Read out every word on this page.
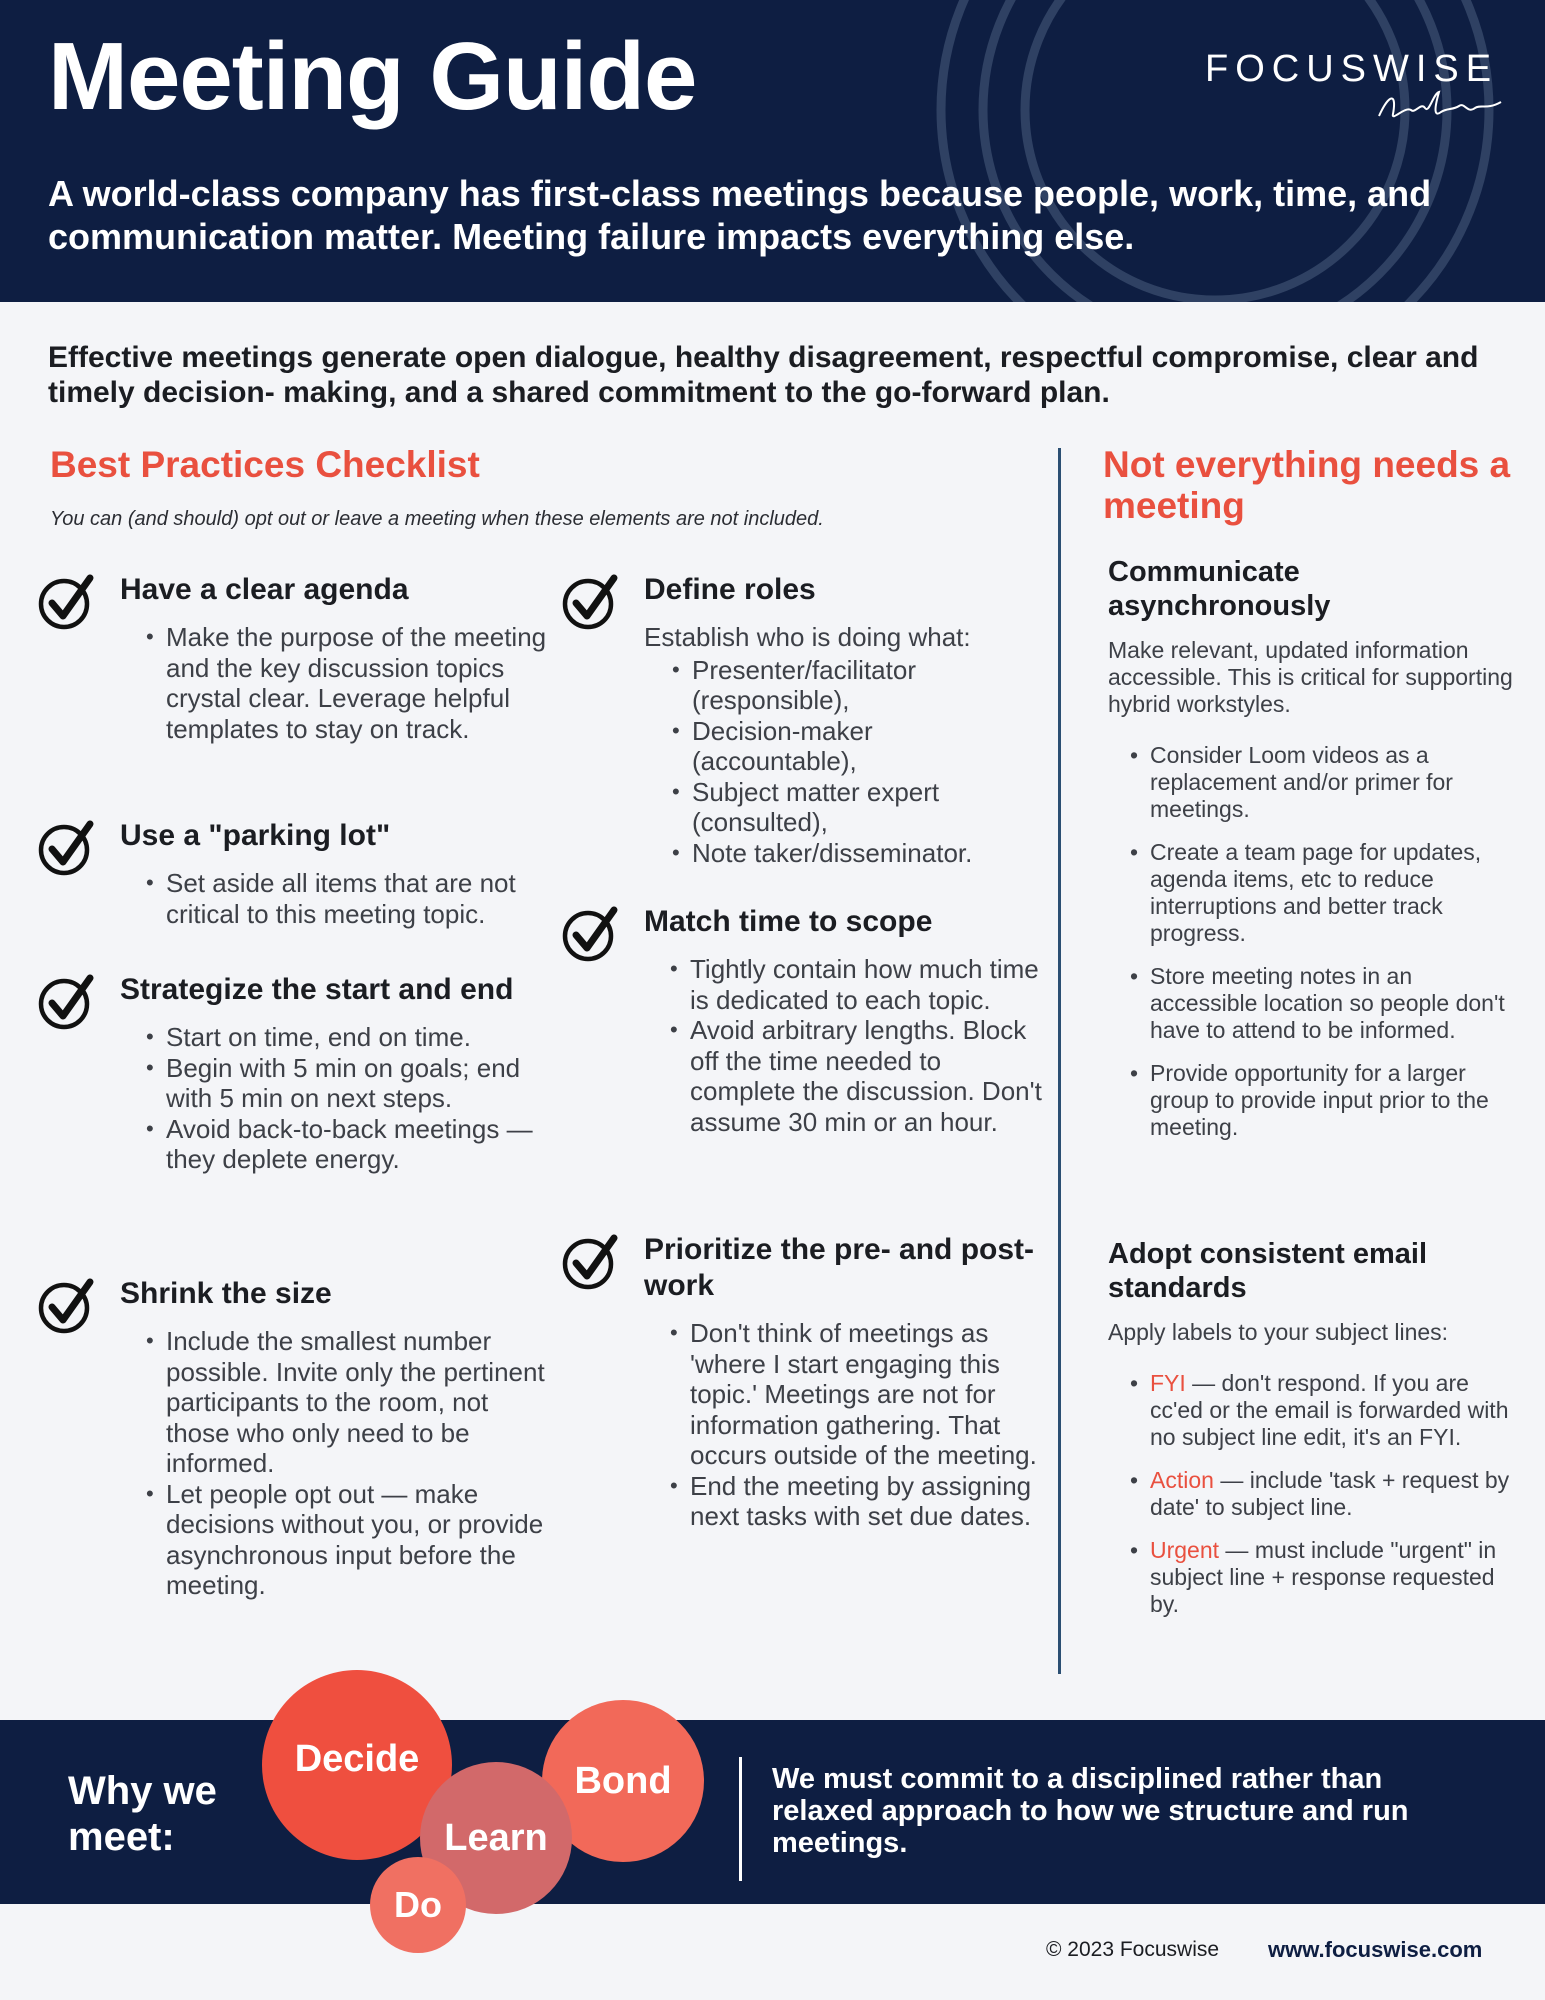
Meeting Guide	FOCUSWISE

A world-class company has first-class meetings because people, work, time, and communication matter. Meeting failure impacts everything else.

Effective meetings generate open dialogue, healthy disagreement, respectful compromise, clear and timely decision- making, and a shared commitment to the go-forward plan.

Best Practices Checklist
You can (and should) opt out or leave a meeting when these elements are not included.
Have a clear agenda
• Make the purpose of the meeting and the key discussion topics crystal clear. Leverage helpful templates to stay on track.
Use a "parking lot"
• Set aside all items that are not critical to this meeting topic.
Strategize the start and end
• Start on time, end on time.
• Begin with 5 min on goals; end with 5 min on next steps.
• Avoid back-to-back meetings — they deplete energy.
Shrink the size
• Include the smallest number possible. Invite only the pertinent participants to the room, not those who only need to be informed.
• Let people opt out — make decisions without you, or provide asynchronous input before the meeting.
Define roles

Establish who is doing what:

• Presenter/facilitator (responsible),
• Decision-maker (accountable),
• Subject matter expert (consulted),
• Note taker/disseminator.
Match time to scope
• Tightly contain how much time is dedicated to each topic.
• Avoid arbitrary lengths. Block off the time needed to complete the discussion. Don't assume 30 min or an hour.
Prioritize the pre- and post-work
• Don't think of meetings as 'where I start engaging this topic.' Meetings are not for information gathering. That occurs outside of the meeting.
• End the meeting by assigning next tasks with set due dates.
Not everything needs a meeting
Communicate asynchronously

Make relevant, updated information accessible. This is critical for supporting hybrid workstyles.

• Consider Loom videos as a replacement and/or primer for meetings.
• Create a team page for updates, agenda items, etc to reduce interruptions and better track progress.
• Store meeting notes in an accessible location so people don't have to attend to be informed.
• Provide opportunity for a larger group to provide input prior to the meeting.
Adopt consistent email standards

Apply labels to your subject lines:

• FYI — don't respond. If you are cc'ed or the email is forwarded with no subject line edit, it's an FYI.
• Action — include 'task + request by date' to subject line.
• Urgent — must include "urgent" in subject line + response requested by.
Why we meet:
Decide
Bond
Learn
Do

We must commit to a disciplined rather than
relaxed approach to how we structure and run
meetings.

© 2023 Focuswise www.focuswise.com
